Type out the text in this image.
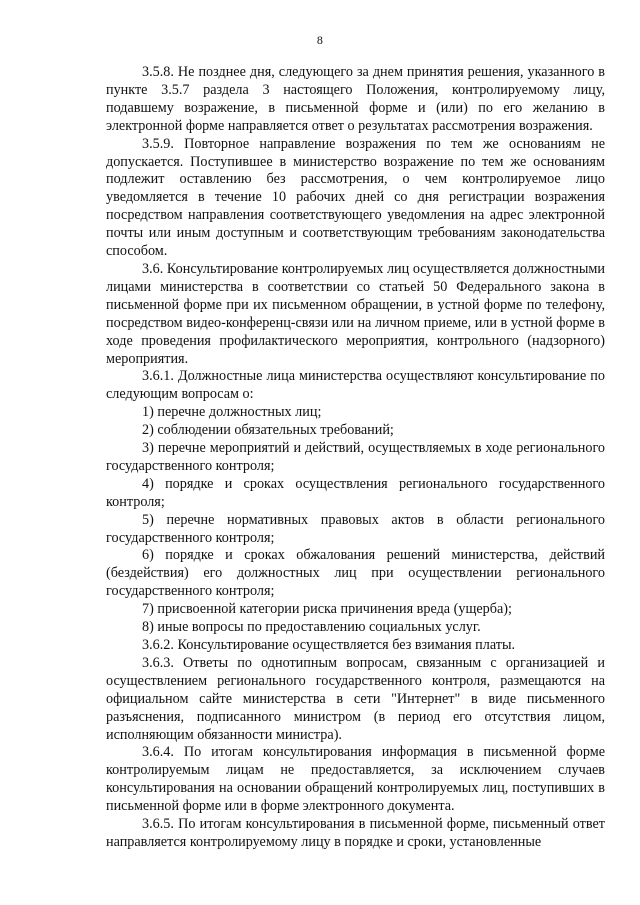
8

3.5.8. Не позднее дня, следующего за днем принятия решения, указанного в пункте 3.5.7 раздела 3 настоящего Положения, контролируемому лицу, подавшему возражение, в письменной форме и (или) по его желанию в электронной форме направляется ответ о результатах рассмотрения возражения.

3.5.9. Повторное направление возражения по тем же основаниям не допускается. Поступившее в министерство возражение по тем же основаниям подлежит оставлению без рассмотрения, о чем контролируемое лицо уведомляется в течение 10 рабочих дней со дня регистрации возражения посредством направления соответствующего уведомления на адрес электронной почты или иным доступным и соответствующим требованиям законодательства способом.

3.6. Консультирование контролируемых лиц осуществляется должностными лицами министерства в соответствии со статьей 50 Федерального закона в письменной форме при их письменном обращении, в устной форме по телефону, посредством видео-конференц-связи или на личном приеме, или в устной форме в ходе проведения профилактического мероприятия, контрольного (надзорного) мероприятия.

3.6.1. Должностные лица министерства осуществляют консультирование по следующим вопросам о:

1) перечне должностных лиц;

2) соблюдении обязательных требований;

3) перечне мероприятий и действий, осуществляемых в ходе регионального государственного контроля;

4) порядке и сроках осуществления регионального государственного контроля;

5) перечне нормативных правовых актов в области регионального государственного контроля;

6) порядке и сроках обжалования решений министерства, действий (бездействия) его должностных лиц при осуществлении регионального государственного контроля;

7) присвоенной категории риска причинения вреда (ущерба);

8) иные вопросы по предоставлению социальных услуг.

3.6.2. Консультирование осуществляется без взимания платы.

3.6.3. Ответы по однотипным вопросам, связанным с организацией и осуществлением регионального государственного контроля, размещаются на официальном сайте министерства в сети "Интернет" в виде письменного разъяснения, подписанного министром (в период его отсутствия лицом, исполняющим обязанности министра).

3.6.4. По итогам консультирования информация в письменной форме контролируемым лицам не предоставляется, за исключением случаев консультирования на основании обращений контролируемых лиц, поступивших в письменной форме или в форме электронного документа.

3.6.5. По итогам консультирования в письменной форме, письменный ответ направляется контролируемому лицу в порядке и сроки, установленные
